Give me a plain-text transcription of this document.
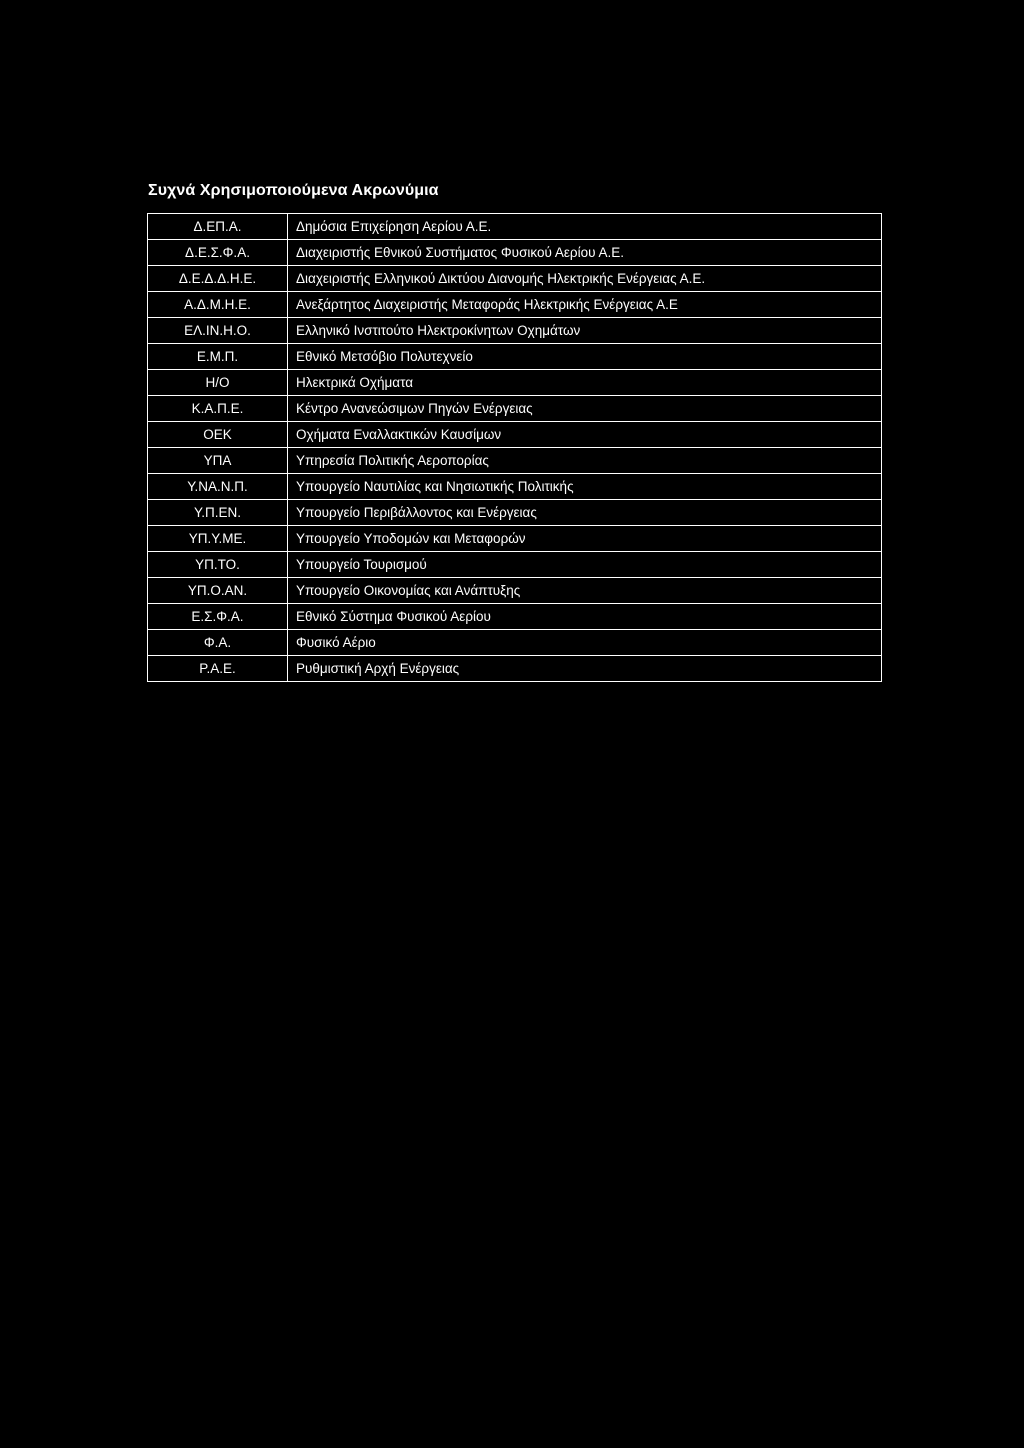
Συχνά Χρησιμοποιούμενα Ακρωνύμια
Δ.ΕΠ.Α.	Δημόσια Επιχείρηση Αερίου Α.Ε.
Δ.Ε.Σ.Φ.Α.	Διαχειριστής Εθνικού Συστήματος Φυσικού Αερίου Α.Ε.
Δ.Ε.Δ.Δ.Η.Ε.	Διαχειριστής Ελληνικού Δικτύου Διανομής Ηλεκτρικής Ενέργειας Α.Ε.
Α.Δ.Μ.Η.Ε.	Ανεξάρτητος Διαχειριστής Μεταφοράς Ηλεκτρικής Ενέργειας Α.Ε
ΕΛ.ΙΝ.Η.Ο.	Ελληνικό Ινστιτούτο Ηλεκτροκίνητων Οχημάτων
Ε.Μ.Π.	Εθνικό Μετσόβιο Πολυτεχνείο
Η/Ο	Ηλεκτρικά Οχήματα
Κ.Α.Π.Ε.	Κέντρο Ανανεώσιμων Πηγών Ενέργειας
ΟΕΚ	Οχήματα Εναλλακτικών Καυσίμων
ΥΠΑ	Υπηρεσία Πολιτικής Αεροπορίας
Υ.ΝΑ.Ν.Π.	Υπουργείο Ναυτιλίας και Νησιωτικής Πολιτικής
Υ.Π.ΕΝ.	Υπουργείο Περιβάλλοντος και Ενέργειας
ΥΠ.Υ.ΜΕ.	Υπουργείο Υποδομών και Μεταφορών
ΥΠ.ΤΟ.	Υπουργείο Τουρισμού
ΥΠ.Ο.ΑΝ.	Υπουργείο Οικονομίας και Ανάπτυξης
Ε.Σ.Φ.Α.	Εθνικό Σύστημα Φυσικού Αερίου
Φ.Α.	Φυσικό Αέριο
Ρ.Α.Ε.	Ρυθμιστική Αρχή Ενέργειας
